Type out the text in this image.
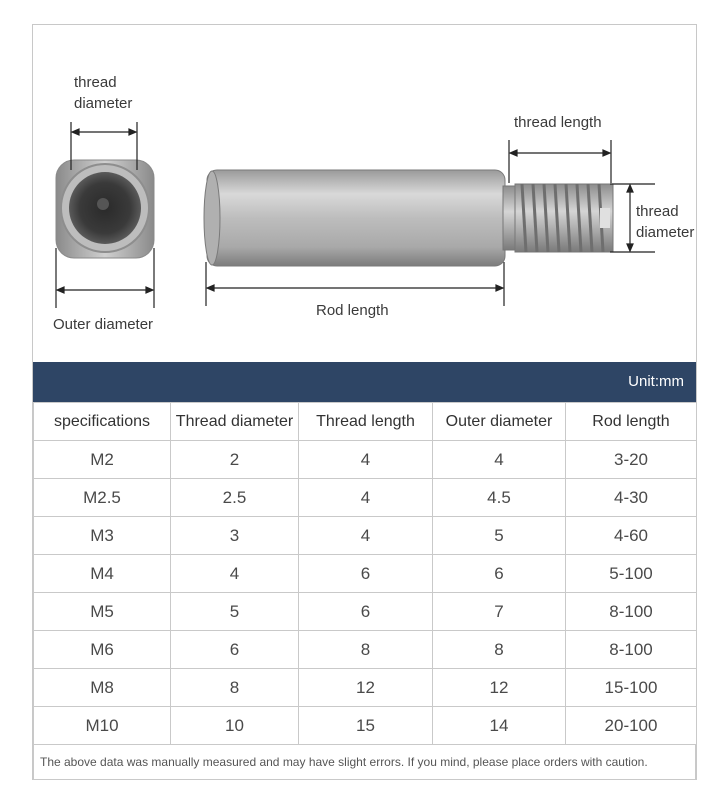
thread
diameter
Outer diameter
thread length
thread
diameter
Rod length
Unit:mm
specifications	Thread diameter	Thread length	Outer diameter	Rod length
M2	2	4	4	3-20
M2.5	2.5	4	4.5	4-30
M3	3	4	5	4-60
M4	4	6	6	5-100
M5	5	6	7	8-100
M6	6	8	8	8-100
M8	8	12	12	15-100
M10	10	15	14	20-100
The above data was manually measured and may have slight errors. If you mind, please place orders with caution.
